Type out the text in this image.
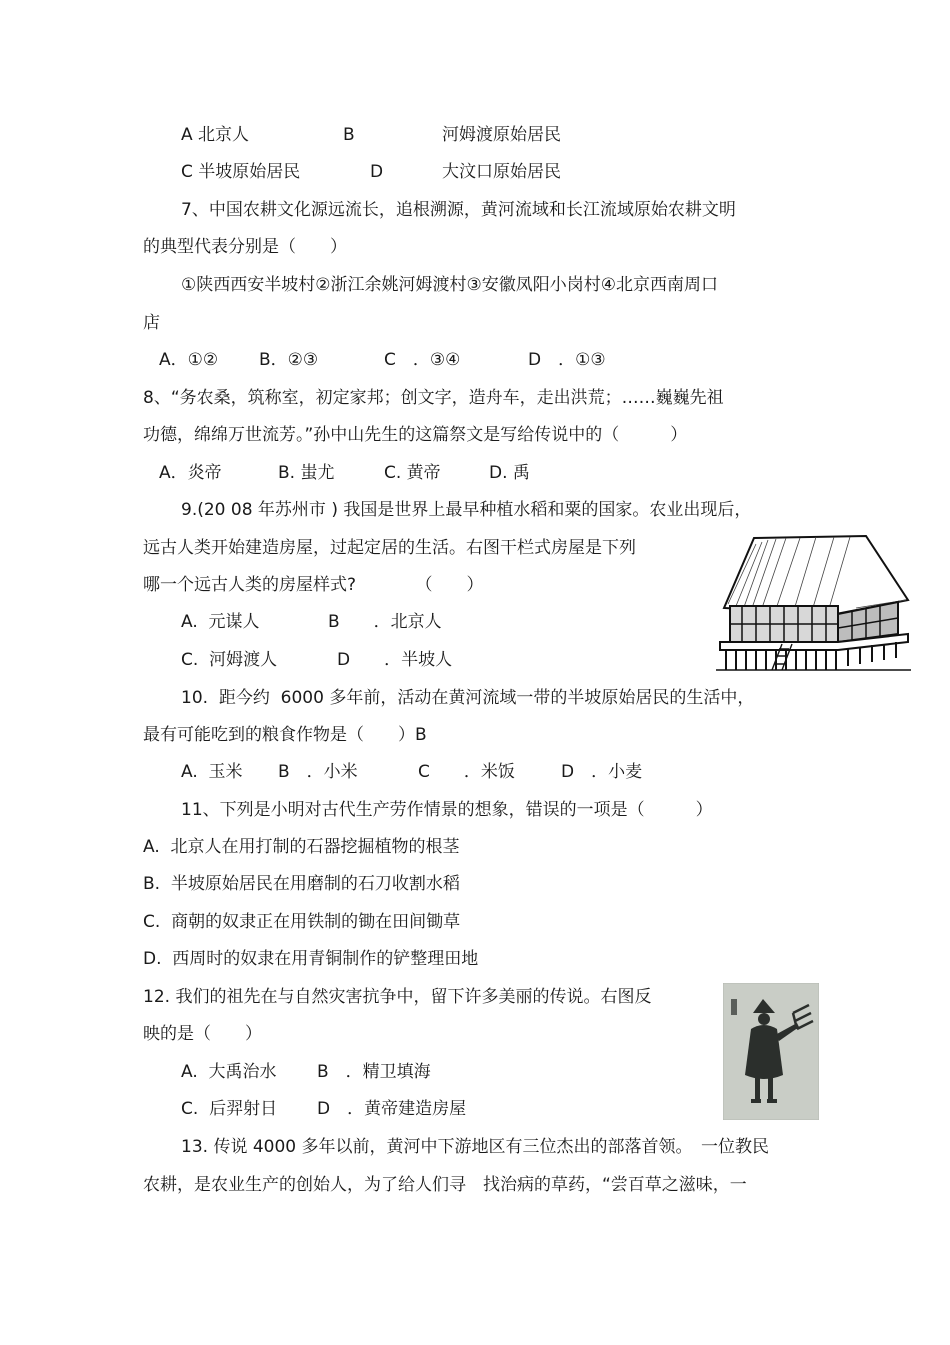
A 北京人	B	河姆渡原始居民
C 半坡原始居民	D	大汶口原始居民
7、中国农耕文化源远流长，追根溯源，黄河流域和长江流域原始农耕文明
的典型代表分别是（　　）
①陕西西安半坡村②浙江余姚河姆渡村③安徽凤阳小岗村④北京西南周口
店
A．①② B．②③	C　．③④	D　．①③
8、“务农桑，筑称室，初定家邦；创文字，造舟车，走出洪荒；……巍巍先祖
功德，绵绵万世流芳。”孙中山先生的这篇祭文是写给传说中的（　　　）
A．炎帝	B. 蚩尤	C. 黄帝	D. 禹
9.(20 08 年苏州市 ) 我国是世界上最早种植水稻和粟的国家。农业出现后，
远古人类开始建造房屋，过起定居的生活。右图干栏式房屋是下列
哪一个远古人类的房屋样式?　　　　（　　）
A.  元谋人	B　　．北京人
C.  河姆渡人	D　　．半坡人
10.  距今约  6000 多年前，活动在黄河流域一带的半坡原始居民的生活中，
最有可能吃到的粮食作物是（　　）B
A.  玉米 B　．小米	C　　．米饭	D　．小麦
11、下列是小明对古代生产劳作情景的想象，错误的一项是（　　　）
A.  北京人在用打制的石器挖掘植物的根茎
B.  半坡原始居民在用磨制的石刀收割水稻
C.  商朝的奴隶正在用铁制的锄在田间锄草
D.  西周时的奴隶在用青铜制作的铲整理田地
12. 我们的祖先在与自然灾害抗争中，留下许多美丽的传说。右图反
映的是（　　）
A.  大禹治水 B　．精卫填海
C.  后羿射日 D　．黄帝建造房屋
13. 传说 4000 多年以前，黄河中下游地区有三位杰出的部落首领。　一位教民
农耕，是农业生产的创始人，为了给人们寻　找治病的草药，“尝百草之滋味，一
